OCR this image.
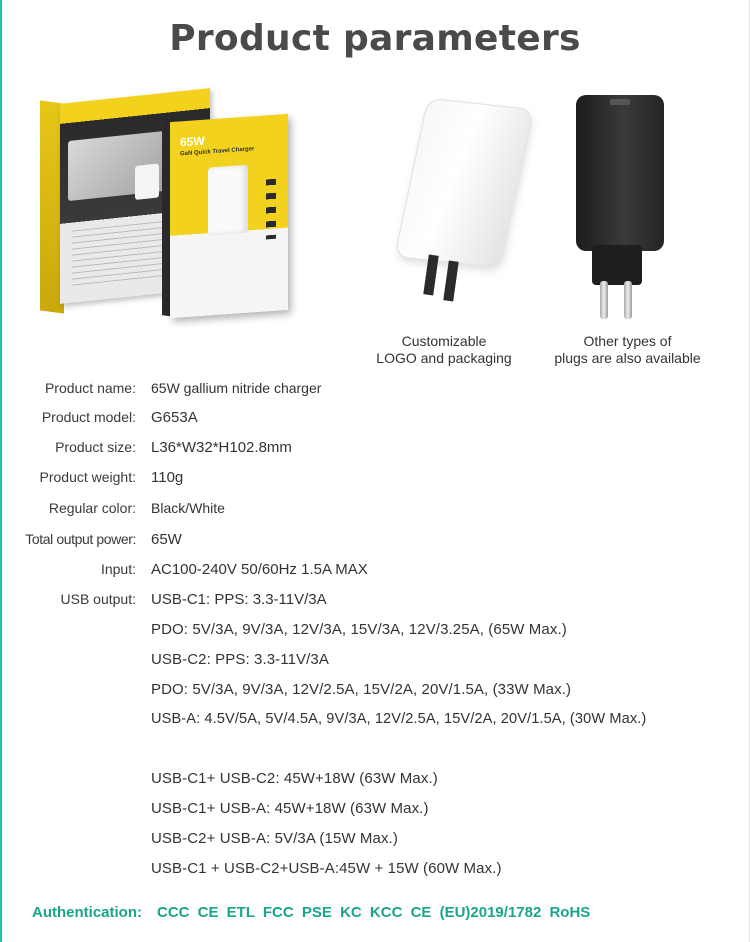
Product parameters
65W
GaN Quick Travel Charger
Customizable
LOGO and packaging
Other types of
plugs are also available
Product name: 65W gallium nitride charger
Product model: G653A
Product size: L36*W32*H102.8mm
Product weight: 110g
Regular color: Black/White
Total output power: 65W
Input: AC100-240V 50/60Hz 1.5A MAX
USB output: USB-C1: PPS: 3.3-11V/3A
PDO: 5V/3A, 9V/3A, 12V/3A, 15V/3A, 12V/3.25A, (65W Max.)
USB-C2: PPS: 3.3-11V/3A
PDO: 5V/3A, 9V/3A, 12V/2.5A, 15V/2A, 20V/1.5A, (33W Max.)
USB-A: 4.5V/5A, 5V/4.5A, 9V/3A, 12V/2.5A, 15V/2A, 20V/1.5A, (30W Max.)
USB-C1+ USB-C2: 45W+18W (63W Max.)
USB-C1+ USB-A: 45W+18W (63W Max.)
USB-C2+ USB-A: 5V/3A (15W Max.)
USB-C1 + USB-C2+USB-A:45W + 15W (60W Max.)
Authentication: CCC CE ETL FCC PSE KC KCC CE (EU)2019/1782 RoHS
